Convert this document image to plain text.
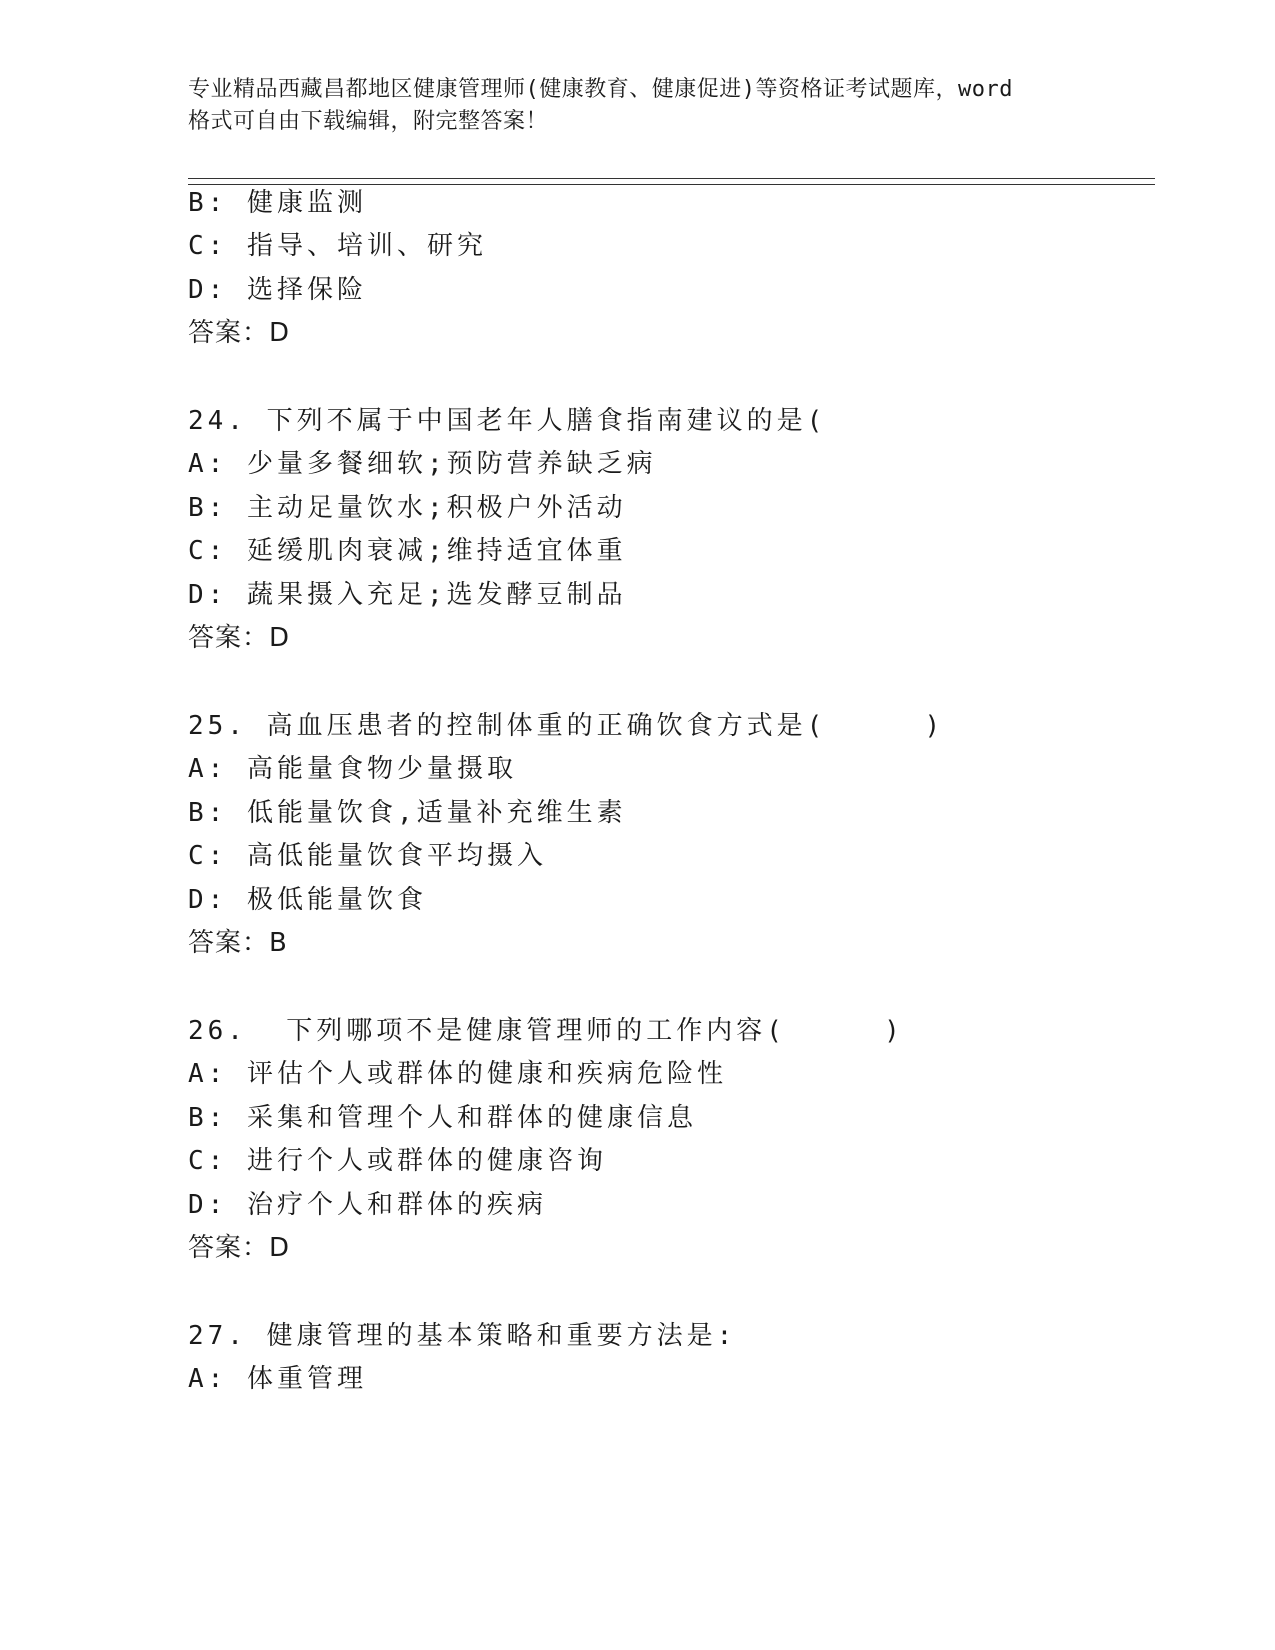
专业精品西藏昌都地区健康管理师(健康教育、健康促进)等资格证考试题库，word
格式可自由下载编辑，附完整答案！
B: 健康监测
C: 指导、培训、研究
D: 选择保险
答案：D
24. 下列不属于中国老年人膳食指南建议的是(
A: 少量多餐细软;预防营养缺乏病
B: 主动足量饮水;积极户外活动
C: 延缓肌肉衰减;维持适宜体重
D: 蔬果摄入充足;选发酵豆制品
答案：D
25. 高血压患者的控制体重的正确饮食方式是(     )
A: 高能量食物少量摄取
B: 低能量饮食,适量补充维生素
C: 高低能量饮食平均摄入
D: 极低能量饮食
答案：B
26.  下列哪项不是健康管理师的工作内容(     )
A: 评估个人或群体的健康和疾病危险性
B: 采集和管理个人和群体的健康信息
C: 进行个人或群体的健康咨询
D: 治疗个人和群体的疾病
答案：D
27. 健康管理的基本策略和重要方法是:
A: 体重管理
